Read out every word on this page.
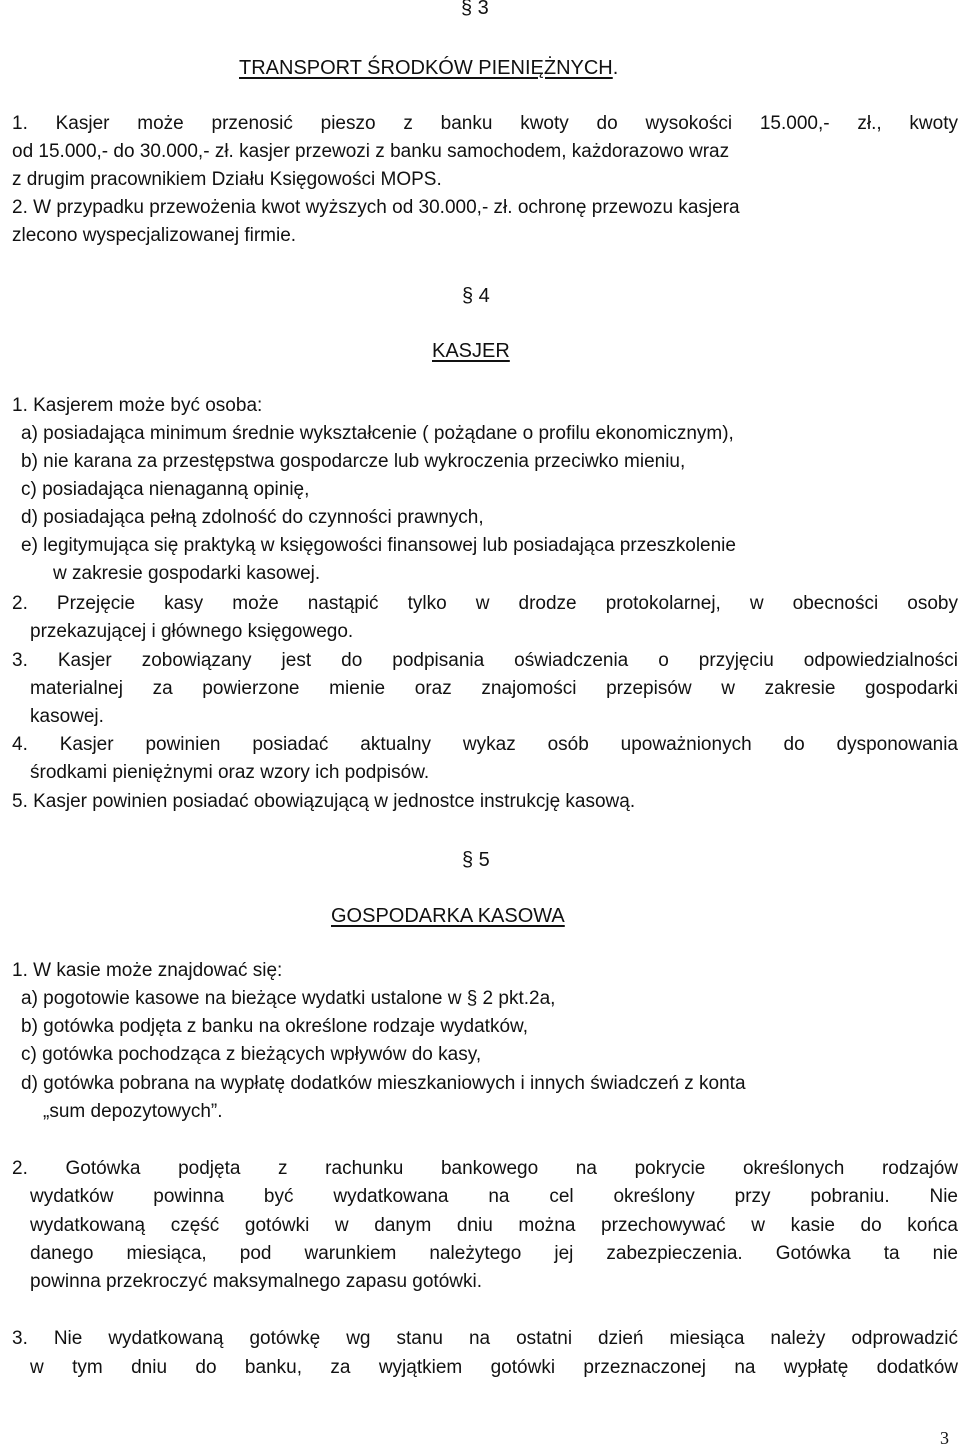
§ 3
TRANSPORT ŚRODKÓW PIENIĘŻNYCH.
1. Kasjer może przenosić pieszo z banku kwoty do wysokości 15.000,- zł., kwoty
od 15.000,- do 30.000,- zł. kasjer przewozi z banku samochodem, każdorazowo wraz
z drugim pracownikiem Działu Księgowości MOPS.
2. W przypadku przewożenia kwot wyższych od 30.000,- zł. ochronę przewozu kasjera
zlecono wyspecjalizowanej firmie.
§ 4
KASJER
1. Kasjerem może być osoba:
a) posiadająca minimum średnie wykształcenie ( pożądane o profilu ekonomicznym),
b) nie karana za przestępstwa gospodarcze lub wykroczenia przeciwko mieniu,
c) posiadająca nienaganną opinię,
d) posiadająca pełną zdolność do czynności prawnych,
e) legitymująca się praktyką w księgowości finansowej lub posiadająca przeszkolenie
w zakresie gospodarki kasowej.
2. Przejęcie kasy może nastąpić tylko w drodze protokolarnej, w obecności osoby
przekazującej i głównego księgowego.
3. Kasjer zobowiązany jest do podpisania oświadczenia o przyjęciu odpowiedzialności
materialnej za powierzone mienie oraz znajomości przepisów w zakresie gospodarki
kasowej.
4. Kasjer powinien posiadać aktualny wykaz osób upoważnionych do dysponowania
środkami pieniężnymi oraz wzory ich podpisów.
5. Kasjer powinien posiadać obowiązującą w jednostce instrukcję kasową.
§ 5
GOSPODARKA KASOWA
1. W kasie może znajdować się:
a) pogotowie kasowe na bieżące wydatki ustalone w § 2 pkt.2a,
b) gotówka podjęta z banku na określone rodzaje wydatków,
c) gotówka pochodząca z bieżących wpływów do kasy,
d) gotówka pobrana na wypłatę dodatków mieszkaniowych i innych świadczeń z konta
„sum depozytowych”.
2. Gotówka podjęta z rachunku bankowego na pokrycie określonych rodzajów
wydatków powinna być wydatkowana na cel określony przy pobraniu. Nie
wydatkowaną część gotówki w danym dniu można przechowywać w kasie do końca
danego miesiąca, pod warunkiem należytego jej zabezpieczenia. Gotówka ta nie
powinna przekroczyć maksymalnego zapasu gotówki.
3. Nie wydatkowaną gotówkę wg stanu na ostatni dzień miesiąca należy odprowadzić
w tym dniu do banku, za wyjątkiem gotówki przeznaczonej na wypłatę dodatków
3
